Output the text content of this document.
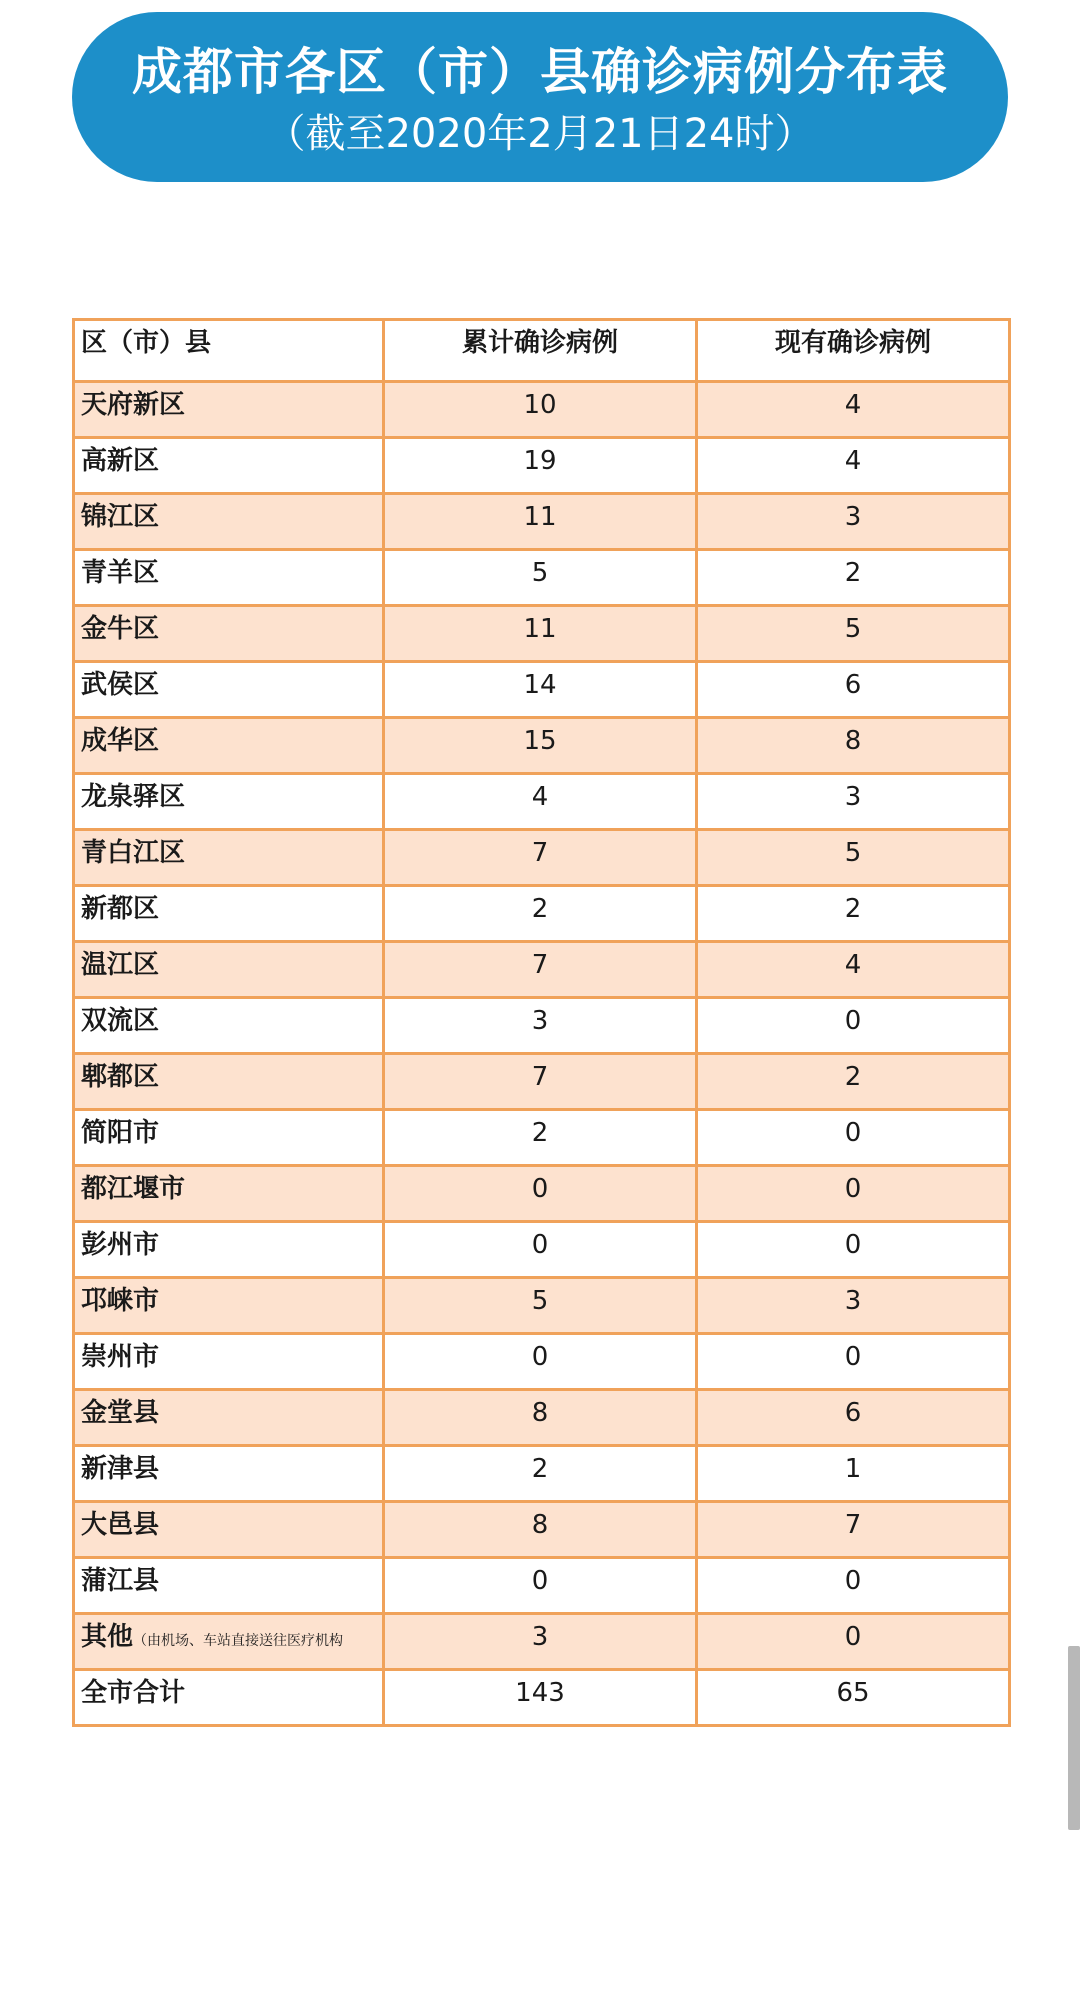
成都市各区（市）县确诊病例分布表
（截至2020年2月21日24时）
区（市）县	累计确诊病例	现有确诊病例
天府新区	10	4
高新区	19	4
锦江区	11	3
青羊区	5	2
金牛区	11	5
武侯区	14	6
成华区	15	8
龙泉驿区	4	3
青白江区	7	5
新都区	2	2
温江区	7	4
双流区	3	0
郫都区	7	2
简阳市	2	0
都江堰市	0	0
彭州市	0	0
邛崃市	5	3
崇州市	0	0
金堂县	8	6
新津县	2	1
大邑县	8	7
蒲江县	0	0
其他（由机场、车站直接送往医疗机构	3	0
全市合计	143	65
